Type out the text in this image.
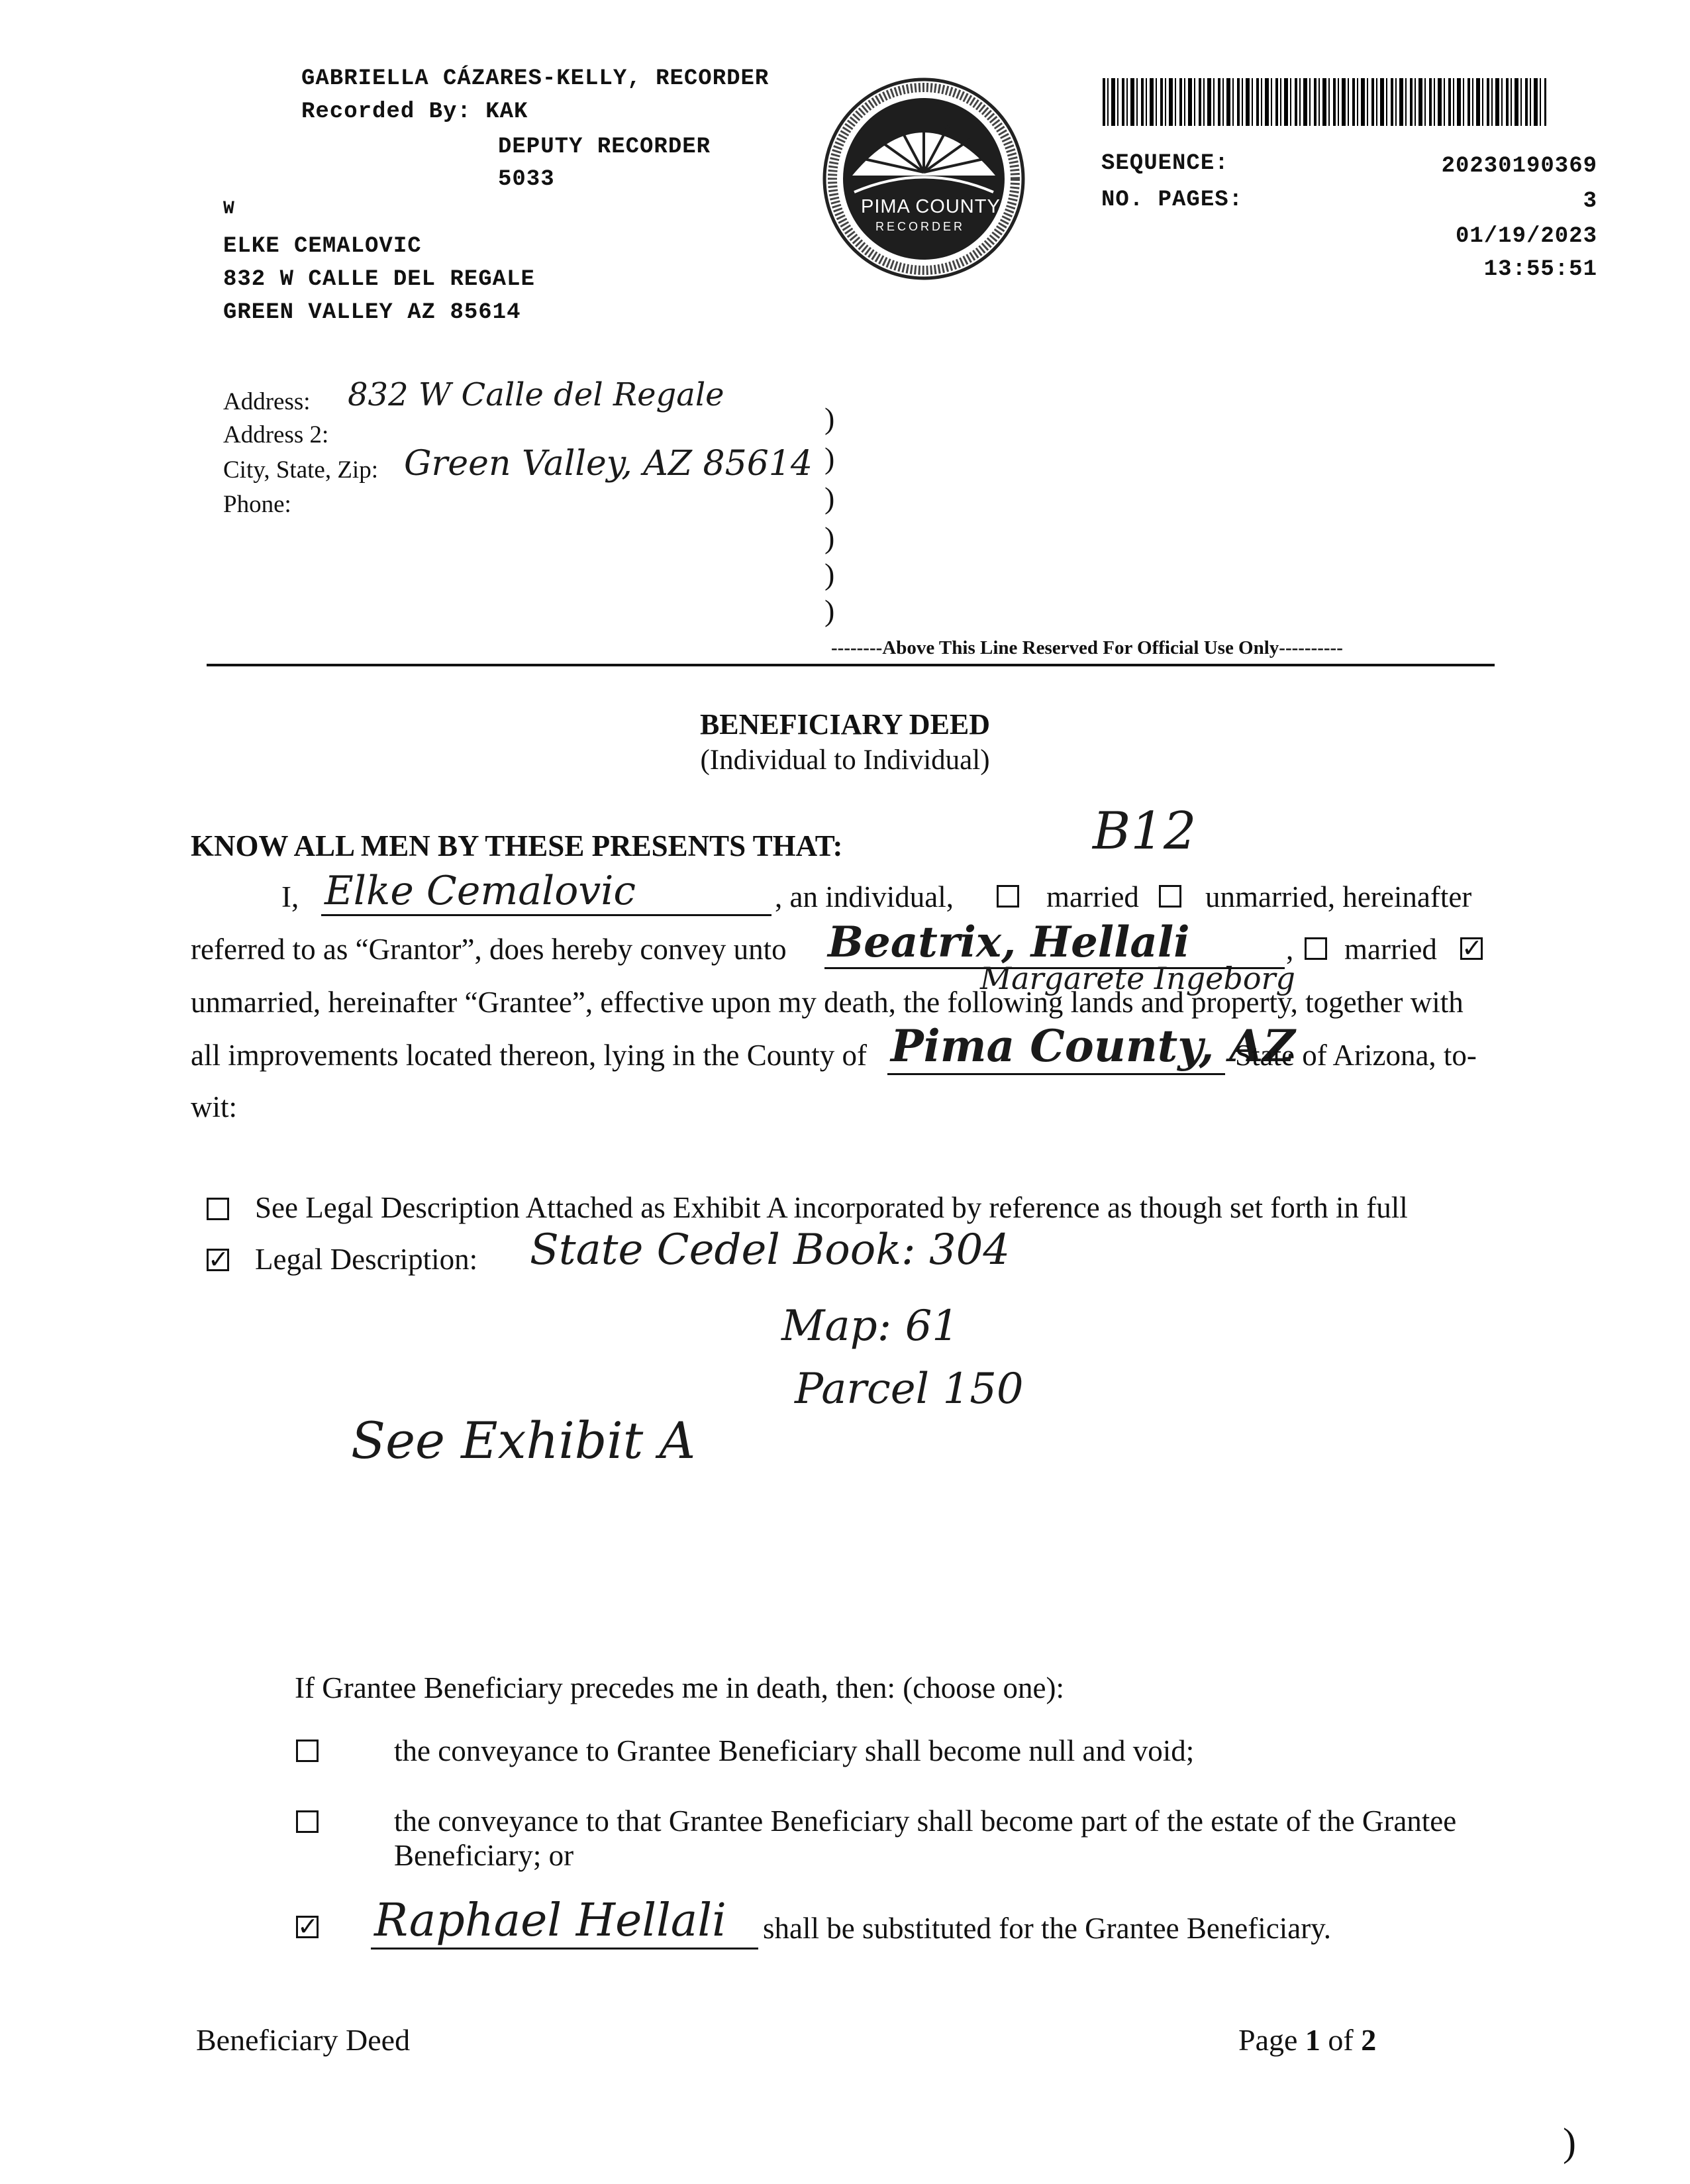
GABRIELLA CÁZARES-KELLY, RECORDER
Recorded By: KAK
DEPUTY RECORDER
5033
W
ELKE CEMALOVIC
832 W CALLE DEL REGALE
GREEN VALLEY AZ 85614
PIMA COUNTY
RECORDER
SEQUENCE:	20230190369
NO. PAGES:	3
01/19/2023
13:55:51
Address: 832 W Calle del Regale
Address 2:
City, State, Zip: Green Valley, AZ 85614
Phone:
)
)
)
)
)
)
--------Above This Line Reserved For Official Use Only----------
BENEFICIARY DEED
(Individual to Individual)
B12
KNOW ALL MEN BY THESE PRESENTS THAT:
I, Elke Cemalovic	, an individual,	married unmarried, hereinafter
referred to as “Grantor”, does hereby convey unto Beatrix, Hellali
Margarete Ingeborg
, married ✓
unmarried, hereinafter “Grantee”, effective upon my death, the following lands and property, together with
all improvements located thereon, lying in the County of Pima County, AZ
State of Arizona, to-
wit:
See Legal Description Attached as Exhibit A incorporated by reference as though set forth in full
✓ Legal Description: State Cedel Book: 304
Map: 61
Parcel 150
See Exhibit A
If Grantee Beneficiary precedes me in death, then: (choose one):
the conveyance to Grantee Beneficiary shall become null and void;
the conveyance to that Grantee Beneficiary shall become part of the estate of the Grantee
Beneficiary; or
✓ Raphael Hellali shall be substituted for the Grantee Beneficiary.
Beneficiary Deed	Page 1 of 2
)
